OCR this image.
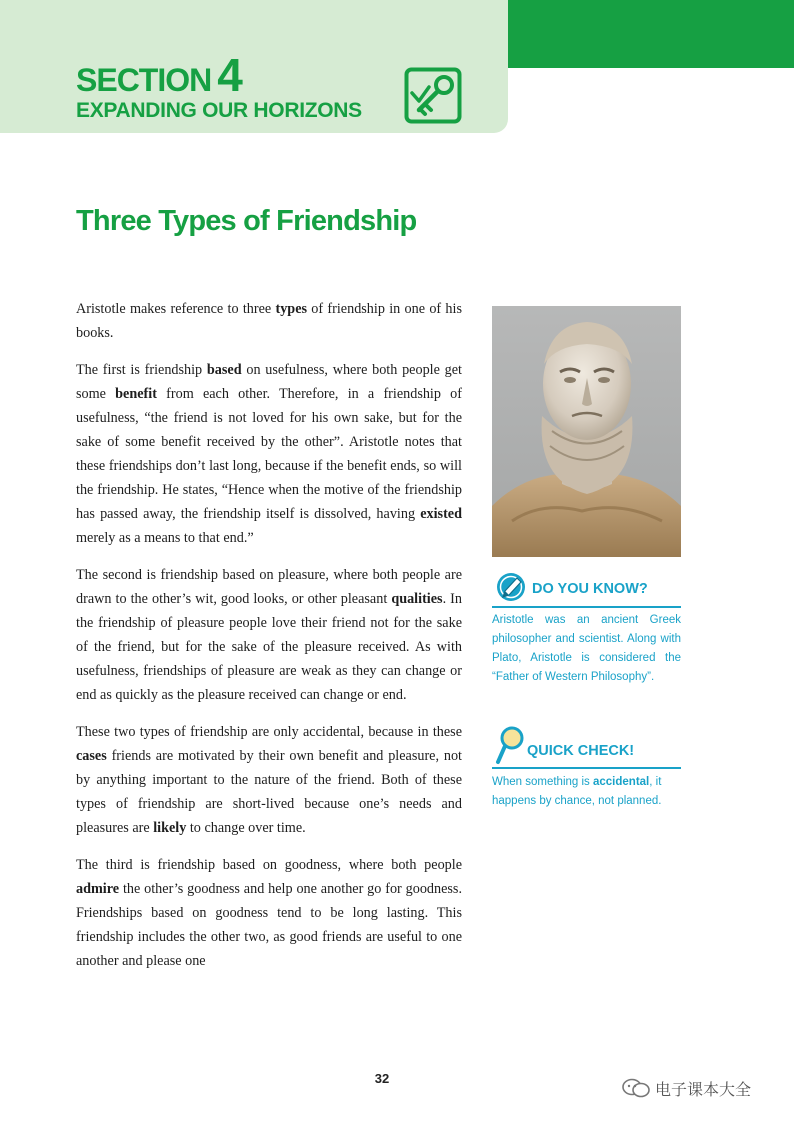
SECTION 4
EXPANDING OUR HORIZONS
Three Types of Friendship

Aristotle makes reference to three types of friendship in one of his books.

The first is friendship based on usefulness, where both people get some benefit from each other. Therefore, in a friendship of usefulness, “the friend is not loved for his own sake, but for the sake of some benefit received by the other”. Aristotle notes that these friendships don’t last long, because if the benefit ends, so will the friendship. He states, “Hence when the motive of the friendship has passed away, the friendship itself is dissolved, having existed merely as a means to that end.”

The second is friendship based on pleasure, where both people are drawn to the other’s wit, good looks, or other pleasant qualities. In the friendship of pleasure people love their friend not for the sake of the friend, but for the sake of the pleasure received. As with usefulness, friendships of pleasure are weak as they can change or end as quickly as the pleasure received can change or end.

These two types of friendship are only accidental, because in these cases friends are motivated by their own benefit and pleasure, not by anything important to the nature of the friend. Both of these types of friendship are short-lived because one’s needs and pleasures are likely to change over time.

The third is friendship based on goodness, where both people admire the other’s goodness and help one another go for goodness. Friendships based on goodness tend to be long lasting. This friendship includes the other two, as good friends are useful to one another and please one

DO YOU KNOW?
Aristotle was an ancient Greek philosopher and scientist. Along with Plato, Aristotle is considered the “Father of Western Philosophy”.
QUICK CHECK!
When something is accidental, it happens by chance, not planned.
32
电子课本大全
